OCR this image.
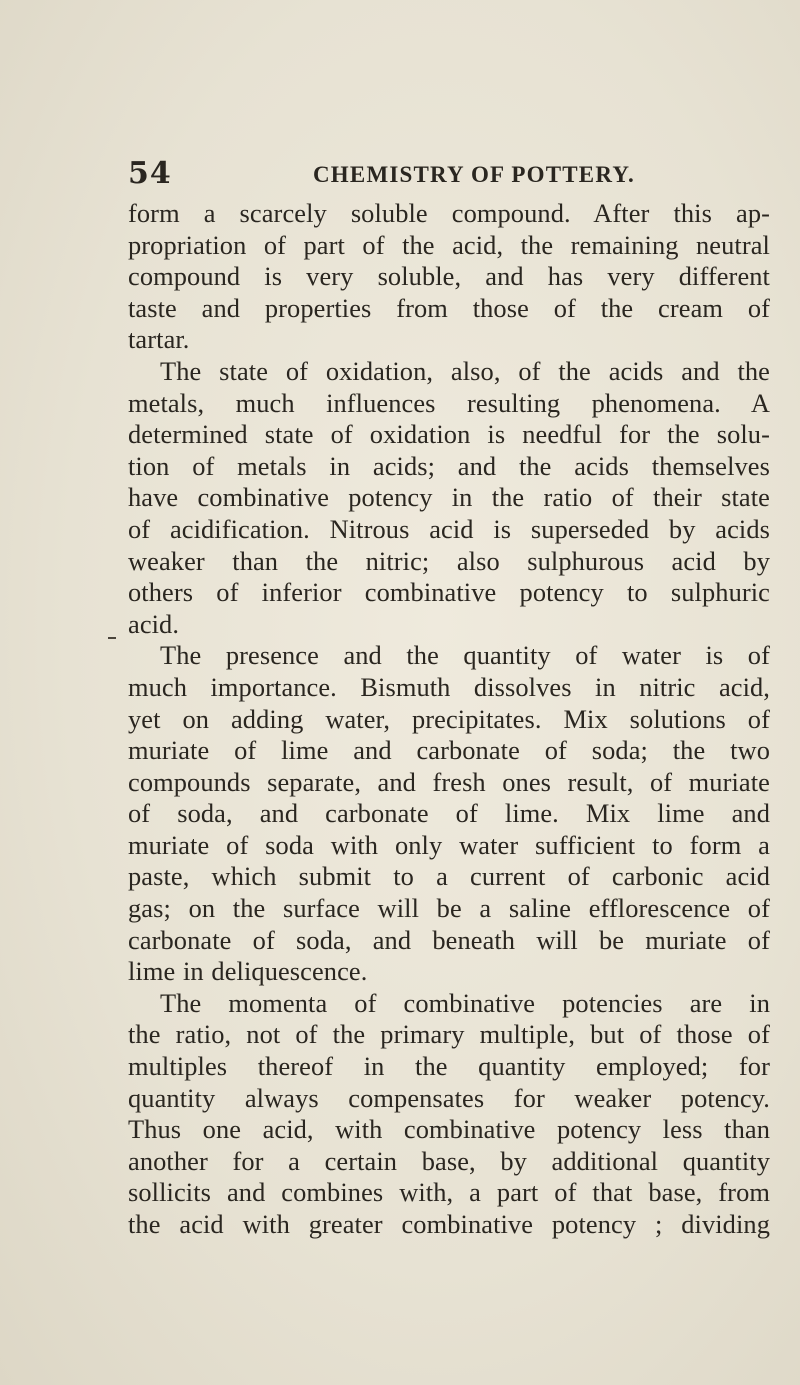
54	CHEMISTRY OF POTTERY.
form a scarcely soluble compound. After this ap-
propriation of part of the acid, the remaining neutral
compound is very soluble, and has very different
taste and properties from those of the cream of
tartar.
The state of oxidation, also, of the acids and the
metals, much influences resulting phenomena. A
determined state of oxidation is needful for the solu-
tion of metals in acids; and the acids themselves
have combinative potency in the ratio of their state
of acidification. Nitrous acid is superseded by acids
weaker than the nitric; also sulphurous acid by
others of inferior combinative potency to sulphuric
acid.
The presence and the quantity of water is of
much importance. Bismuth dissolves in nitric acid,
yet on adding water, precipitates. Mix solutions of
muriate of lime and carbonate of soda; the two
compounds separate, and fresh ones result, of muriate
of soda, and carbonate of lime. Mix lime and
muriate of soda with only water sufficient to form a
paste, which submit to a current of carbonic acid
gas; on the surface will be a saline efflorescence of
carbonate of soda, and beneath will be muriate of
lime in deliquescence.
The momenta of combinative potencies are in
the ratio, not of the primary multiple, but of those of
multiples thereof in the quantity employed; for
quantity always compensates for weaker potency.
Thus one acid, with combinative potency less than
another for a certain base, by additional quantity
sollicits and combines with, a part of that base, from
the acid with greater combinative potency ; dividing
